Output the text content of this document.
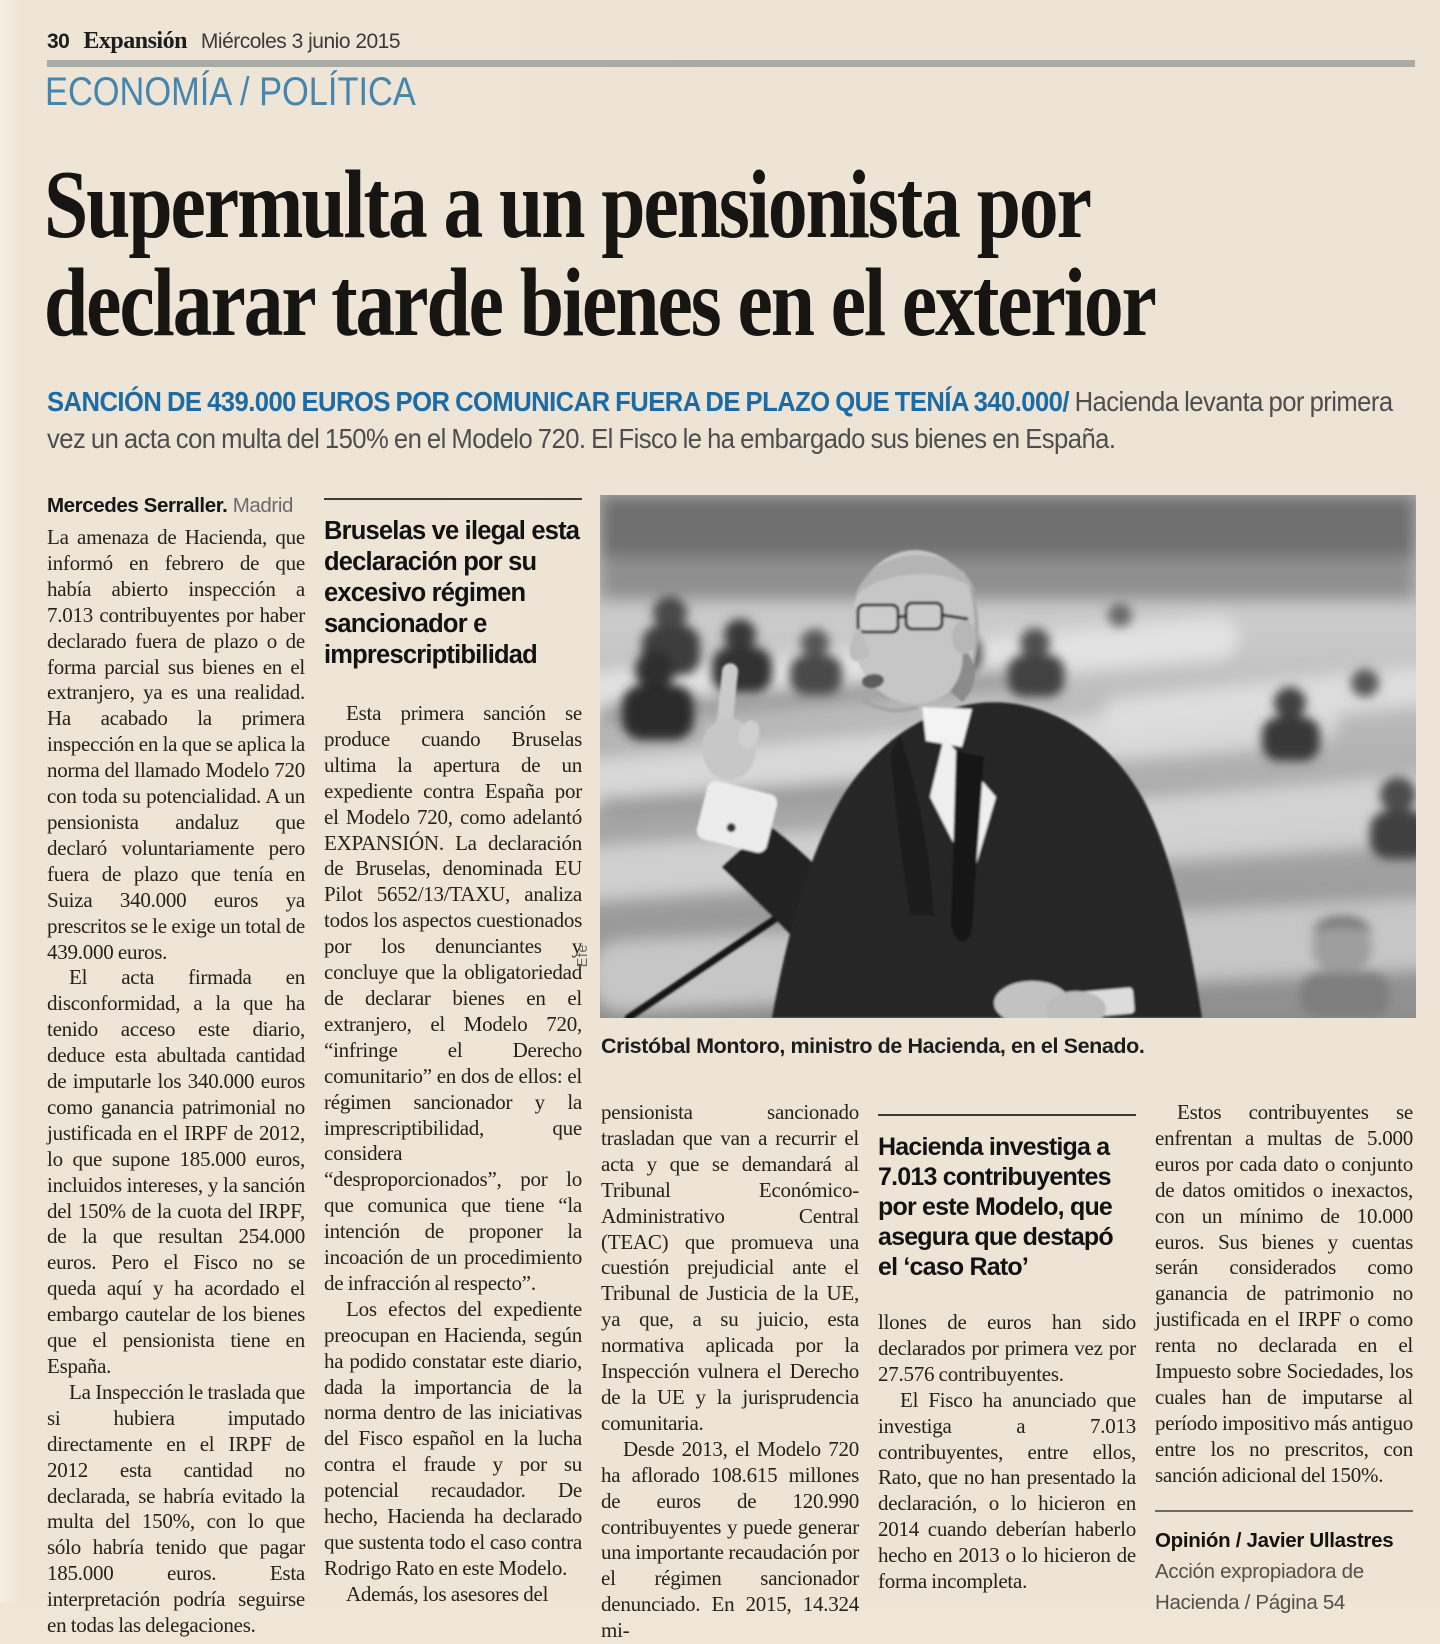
30 Expansión Miércoles 3 junio 2015
ECONOMÍA / POLÍTICA
Supermulta a un pensionista por
declarar tarde bienes en el exterior
SANCIÓN DE 439.000 EUROS POR COMUNICAR FUERA DE PLAZO QUE TENÍA 340.000/ Hacienda levanta por primera vez un acta con multa del 150% en el Modelo 720. El Fisco le ha embargado sus bienes en España.
Mercedes Serraller. Madrid

La amenaza de Hacienda, que informó en febrero de que había abierto inspección a 7.013 contribuyentes por haber declarado fuera de plazo o de forma parcial sus bienes en el extranjero, ya es una realidad. Ha acabado la primera inspección en la que se aplica la norma del llamado Modelo 720 con toda su potencialidad. A un pensionista andaluz que declaró voluntariamente pero fuera de plazo que tenía en Suiza 340.000 euros ya prescritos se le exige un total de 439.000 euros.

El acta firmada en disconformidad, a la que ha tenido acceso este diario, deduce esta abultada cantidad de imputarle los 340.000 euros como ganancia patrimonial no justificada en el IRPF de 2012, lo que supone 185.000 euros, incluidos intereses, y la sanción del 150% de la cuota del IRPF, de la que resultan 254.000 euros. Pero el Fisco no se queda aquí y ha acordado el embargo cautelar de los bienes que el pensionista tiene en España.

La Inspección le traslada que si hubiera imputado directamente en el IRPF de 2012 esta cantidad no declarada, se habría evitado la multa del 150%, con lo que sólo habría tenido que pagar 185.000 euros. Esta interpretación podría seguirse en todas las delegaciones.

Bruselas ve ilegal esta declaración por su excesivo régimen sancionador e imprescriptibilidad

Esta primera sanción se produce cuando Bruselas ultima la apertura de un expediente contra España por el Modelo 720, como adelantó EXPANSIÓN. La declaración de Bruselas, denominada EU Pilot 5652/13/TAXU, analiza todos los aspectos cuestionados por los denunciantes y concluye que la obligatoriedad de declarar bienes en el extranjero, el Modelo 720, “infringe el Derecho comunitario” en dos de ellos: el régimen sancionador y la imprescriptibilidad, que considera “desproporcionados”, por lo que comunica que tiene “la intención de proponer la incoación de un procedimiento de infracción al respecto”.

Los efectos del expediente preocupan en Hacienda, según ha podido constatar este diario, dada la importancia de la norma dentro de las iniciativas del Fisco español en la lucha contra el fraude y por su potencial recaudador. De hecho, Hacienda ha declarado que sustenta todo el caso contra Rodrigo Rato en este Modelo.

Además, los asesores del

Efe
Cristóbal Montoro, ministro de Hacienda, en el Senado.

pensionista sancionado trasladan que van a recurrir el acta y que se demandará al Tribunal Económico-Administrativo Central (TEAC) que promueva una cuestión prejudicial ante el Tribunal de Justicia de la UE, ya que, a su juicio, esta normativa aplicada por la Inspección vulnera el Derecho de la UE y la jurisprudencia comunitaria.

Desde 2013, el Modelo 720 ha aflorado 108.615 millones de euros de 120.990 contribuyentes y puede generar una importante recaudación por el régimen sancionador denunciado. En 2015, 14.324 mi-

Hacienda investiga a 7.013 contribuyentes por este Modelo, que asegura que destapó el ‘caso Rato’

llones de euros han sido declarados por primera vez por 27.576 contribuyentes.

El Fisco ha anunciado que investiga a 7.013 contribuyentes, entre ellos, Rato, que no han presentado la declaración, o lo hicieron en 2014 cuando deberían haberlo hecho en 2013 o lo hicieron de forma incompleta.

Estos contribuyentes se enfrentan a multas de 5.000 euros por cada dato o conjunto de datos omitidos o inexactos, con un mínimo de 10.000 euros. Sus bienes y cuentas serán considerados como ganancia de patrimonio no justificada en el IRPF o como renta no declarada en el Impuesto sobre Sociedades, los cuales han de imputarse al período impositivo más antiguo entre los no prescritos, con sanción adicional del 150%.

Opinión / Javier Ullastres Acción expropiadora de Hacienda / Página 54
